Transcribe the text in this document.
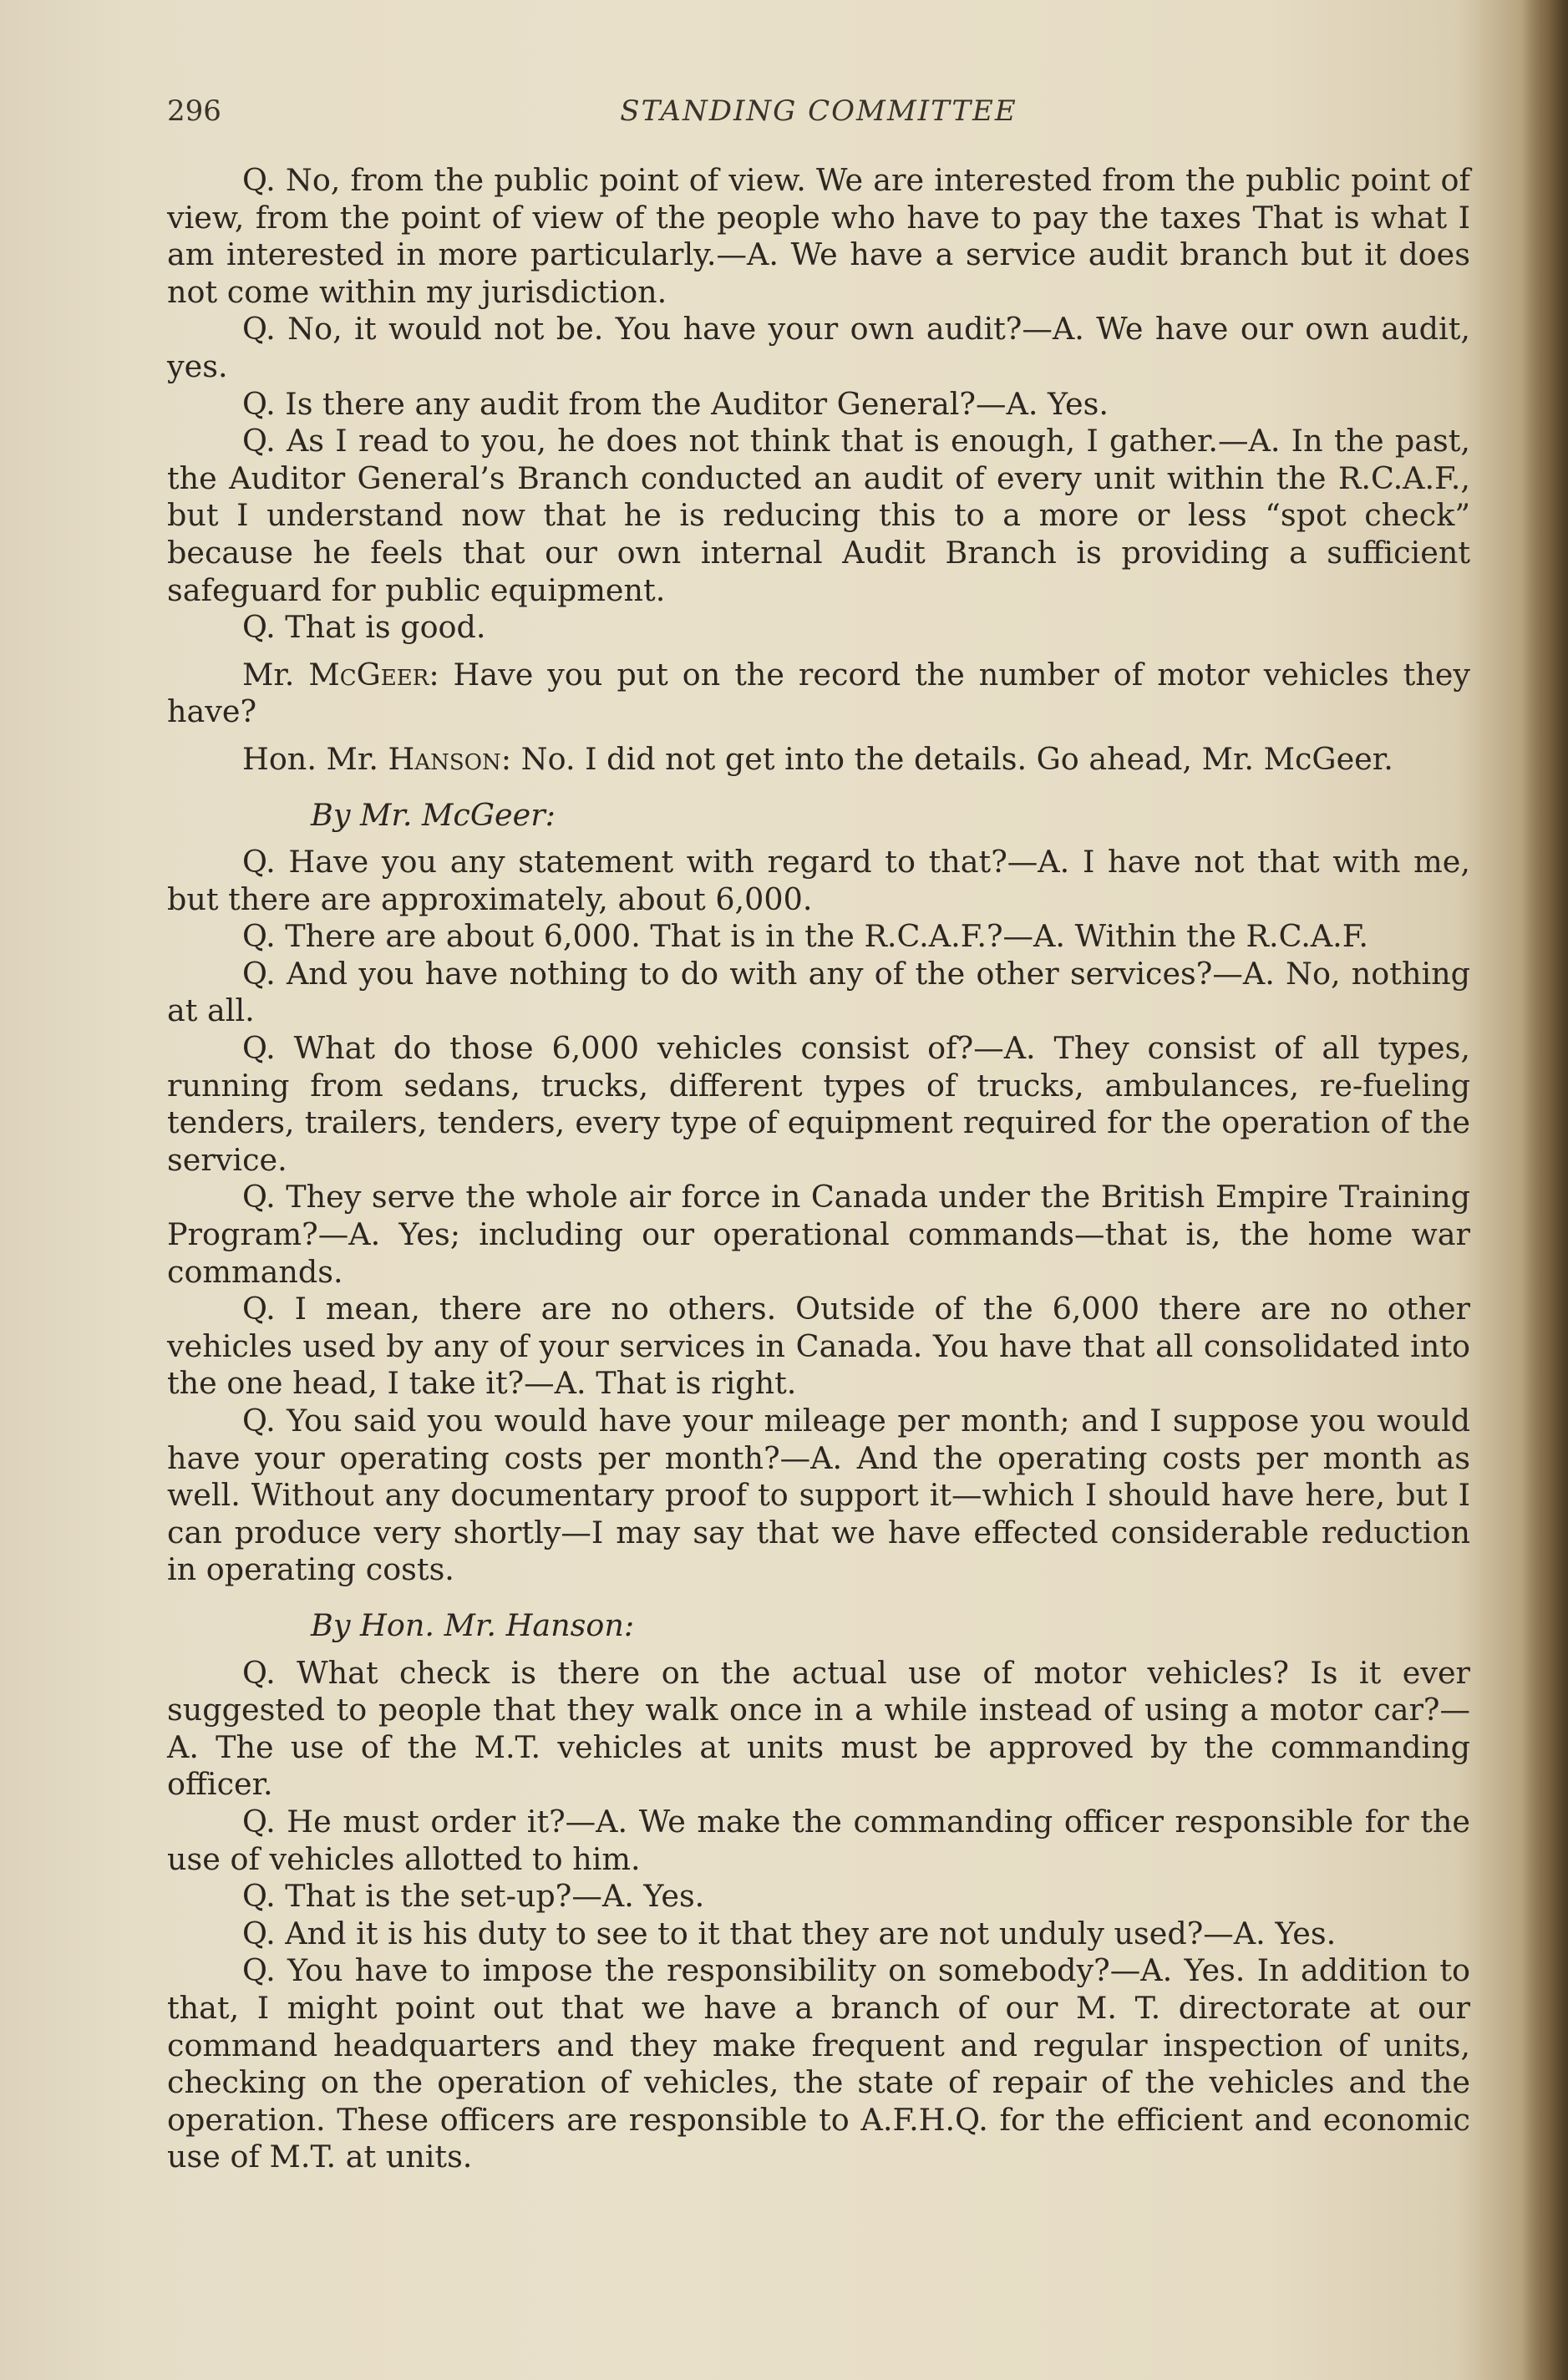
296	STANDING COMMITTEE

Q. No, from the public point of view. We are interested from the public point of view, from the point of view of the people who have to pay the taxes That is what I am interested in more particularly.—A. We have a service audit branch but it does not come within my jurisdiction.

Q. No, it would not be. You have your own audit?—A. We have our own audit, yes.

Q. Is there any audit from the Auditor General?—A. Yes.

Q. As I read to you, he does not think that is enough, I gather.—A. In the past, the Auditor General’s Branch conducted an audit of every unit within the R.C.A.F., but I understand now that he is reducing this to a more or less “spot check” because he feels that our own internal Audit Branch is providing a sufficient safeguard for public equipment.

Q. That is good.

Mr. McGeer: Have you put on the record the number of motor vehicles they have?

Hon. Mr. Hanson: No. I did not get into the details. Go ahead, Mr. McGeer.

By Mr. McGeer:

Q. Have you any statement with regard to that?—A. I have not that with me, but there are approximately, about 6,000.

Q. There are about 6,000. That is in the R.C.A.F.?—A. Within the R.C.A.F.

Q. And you have nothing to do with any of the other services?—A. No, nothing at all.

Q. What do those 6,000 vehicles consist of?—A. They consist of all types, running from sedans, trucks, different types of trucks, ambulances, re-fueling tenders, trailers, tenders, every type of equipment required for the operation of the service.

Q. They serve the whole air force in Canada under the British Empire Training Program?—A. Yes; including our operational commands—that is, the home war commands.

Q. I mean, there are no others. Outside of the 6,000 there are no other vehicles used by any of your services in Canada. You have that all consolidated into the one head, I take it?—A. That is right.

Q. You said you would have your mileage per month; and I suppose you would have your operating costs per month?—A. And the operating costs per month as well. Without any documentary proof to support it—which I should have here, but I can produce very shortly—I may say that we have effected considerable reduction in operating costs.

By Hon. Mr. Hanson:

Q. What check is there on the actual use of motor vehicles? Is it ever suggested to people that they walk once in a while instead of using a motor car?—A. The use of the M.T. vehicles at units must be approved by the commanding officer.

Q. He must order it?—A. We make the commanding officer responsible for the use of vehicles allotted to him.

Q. That is the set-up?—A. Yes.

Q. And it is his duty to see to it that they are not unduly used?—A. Yes.

Q. You have to impose the responsibility on somebody?—A. Yes. In addition to that, I might point out that we have a branch of our M. T. directorate at our command headquarters and they make frequent and regular inspection of units, checking on the operation of vehicles, the state of repair of the vehicles and the operation. These officers are responsible to A.F.H.Q. for the efficient and economic use of M.T. at units.
